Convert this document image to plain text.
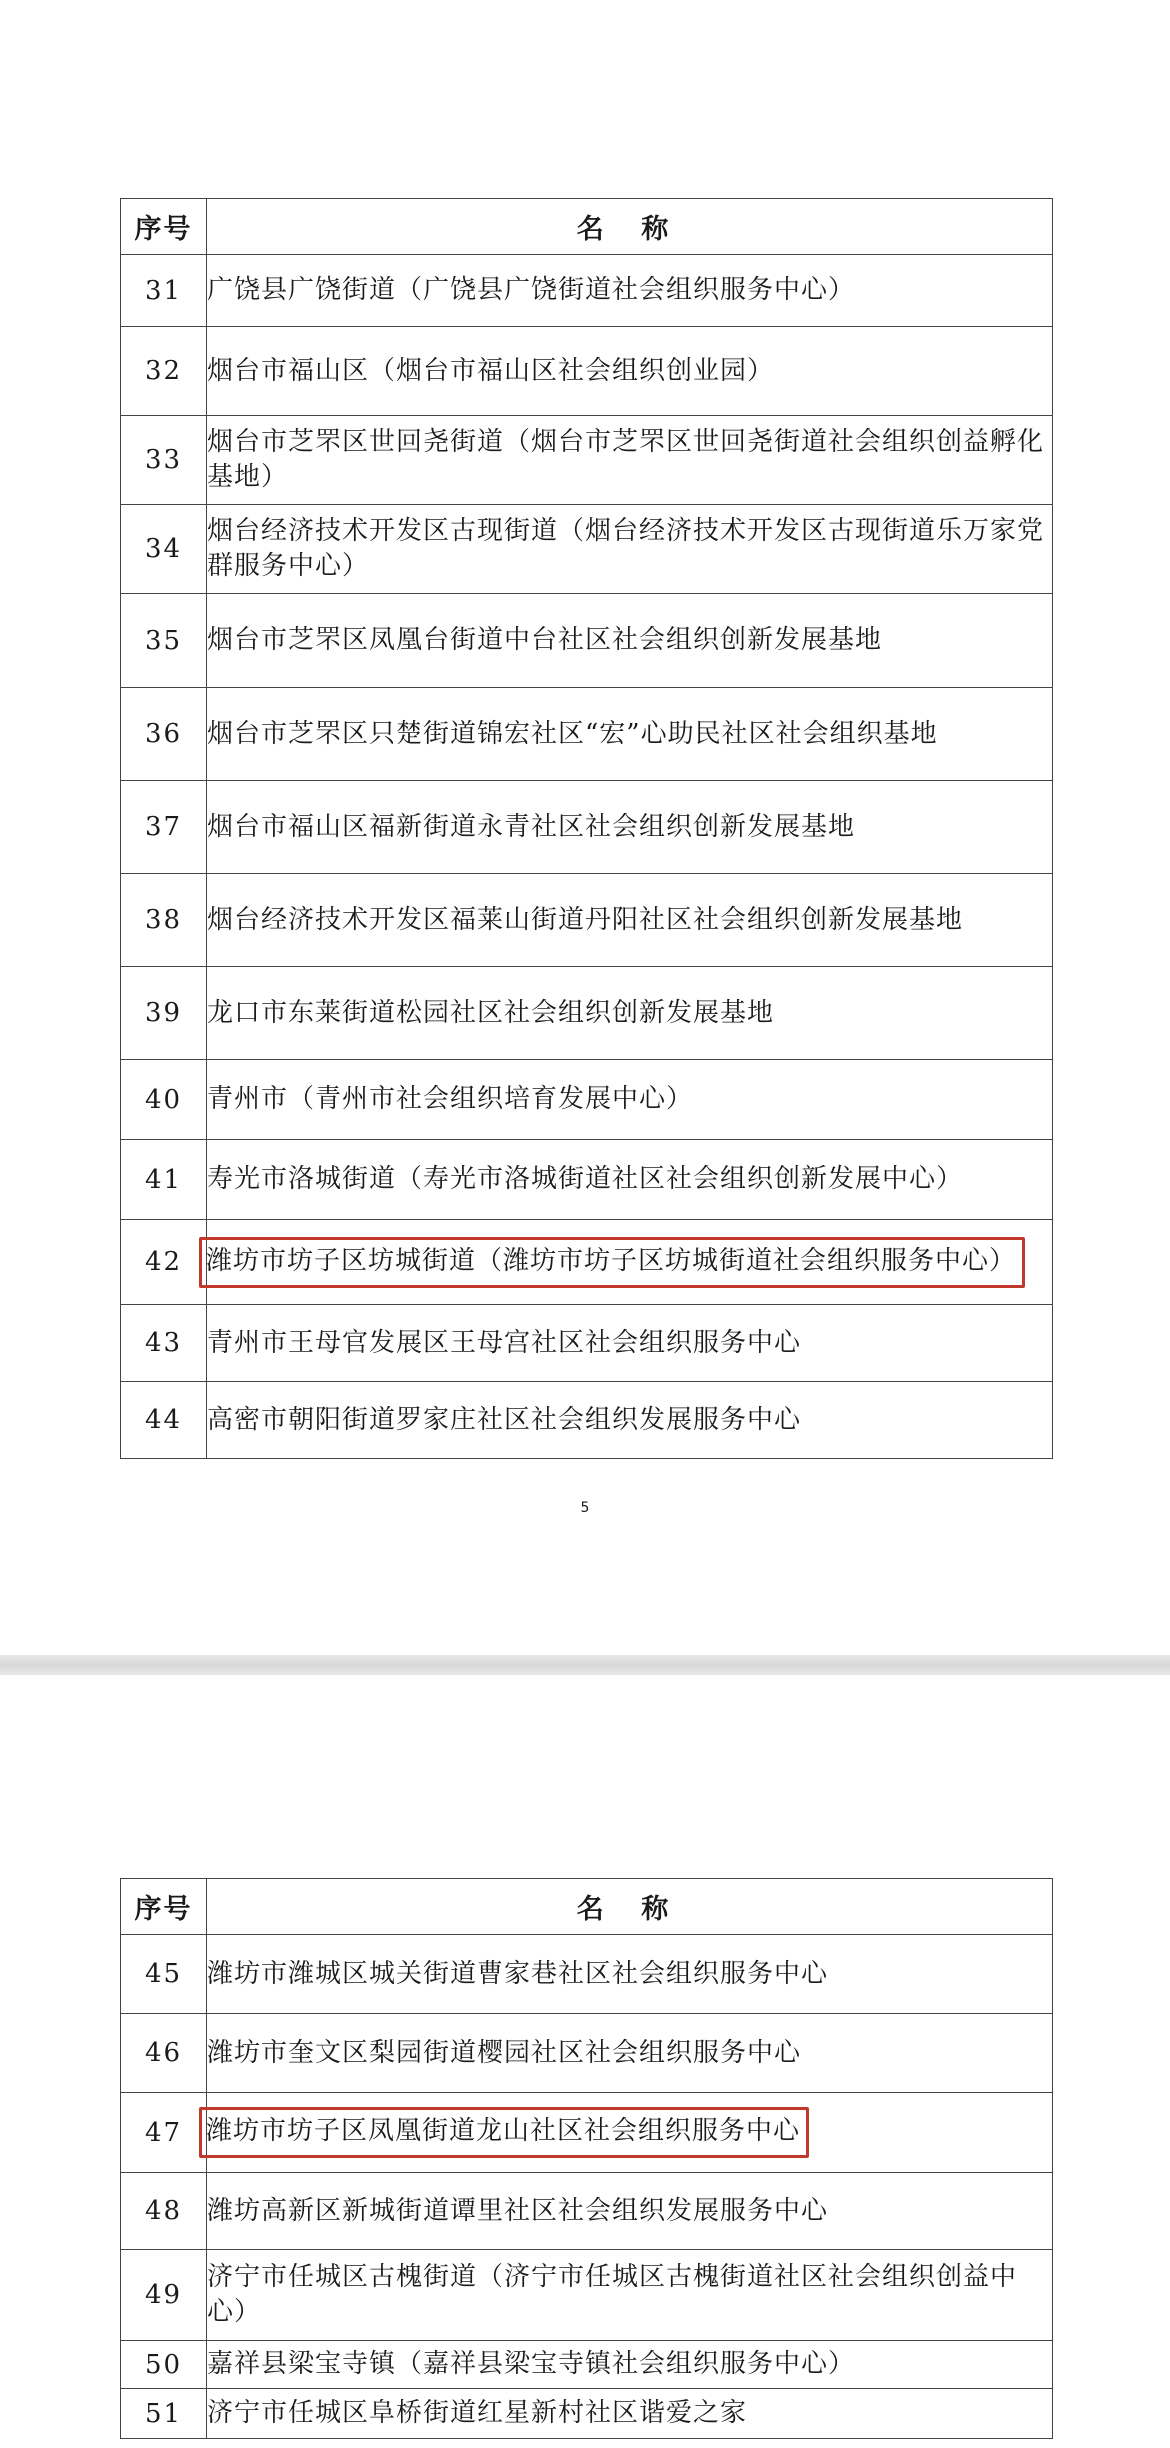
序号	名 称
31	广饶县广饶街道（广饶县广饶街道社会组织服务中心）
32	烟台市福山区（烟台市福山区社会组织创业园）
33	烟台市芝罘区世回尧街道（烟台市芝罘区世回尧街道社会组织创益孵化基地）
34	烟台经济技术开发区古现街道（烟台经济技术开发区古现街道乐万家党群服务中心）
35	烟台市芝罘区凤凰台街道中台社区社会组织创新发展基地
36	烟台市芝罘区只楚街道锦宏社区“宏”心助民社区社会组织基地
37	烟台市福山区福新街道永青社区社会组织创新发展基地
38	烟台经济技术开发区福莱山街道丹阳社区社会组织创新发展基地
39	龙口市东莱街道松园社区社会组织创新发展基地
40	青州市（青州市社会组织培育发展中心）
41	寿光市洛城街道（寿光市洛城街道社区社会组织创新发展中心）
42	潍坊市坊子区坊城街道（潍坊市坊子区坊城街道社会组织服务中心）
43	青州市王母官发展区王母宫社区社会组织服务中心
44	高密市朝阳街道罗家庄社区社会组织发展服务中心
5
序号	名 称
45	潍坊市潍城区城关街道曹家巷社区社会组织服务中心
46	潍坊市奎文区梨园街道樱园社区社会组织服务中心
47	潍坊市坊子区凤凰街道龙山社区社会组织服务中心
48	潍坊高新区新城街道谭里社区社会组织发展服务中心
49	济宁市任城区古槐街道（济宁市任城区古槐街道社区社会组织创益中心）
50	嘉祥县梁宝寺镇（嘉祥县梁宝寺镇社会组织服务中心）
51	济宁市任城区阜桥街道红星新村社区谐爱之家
